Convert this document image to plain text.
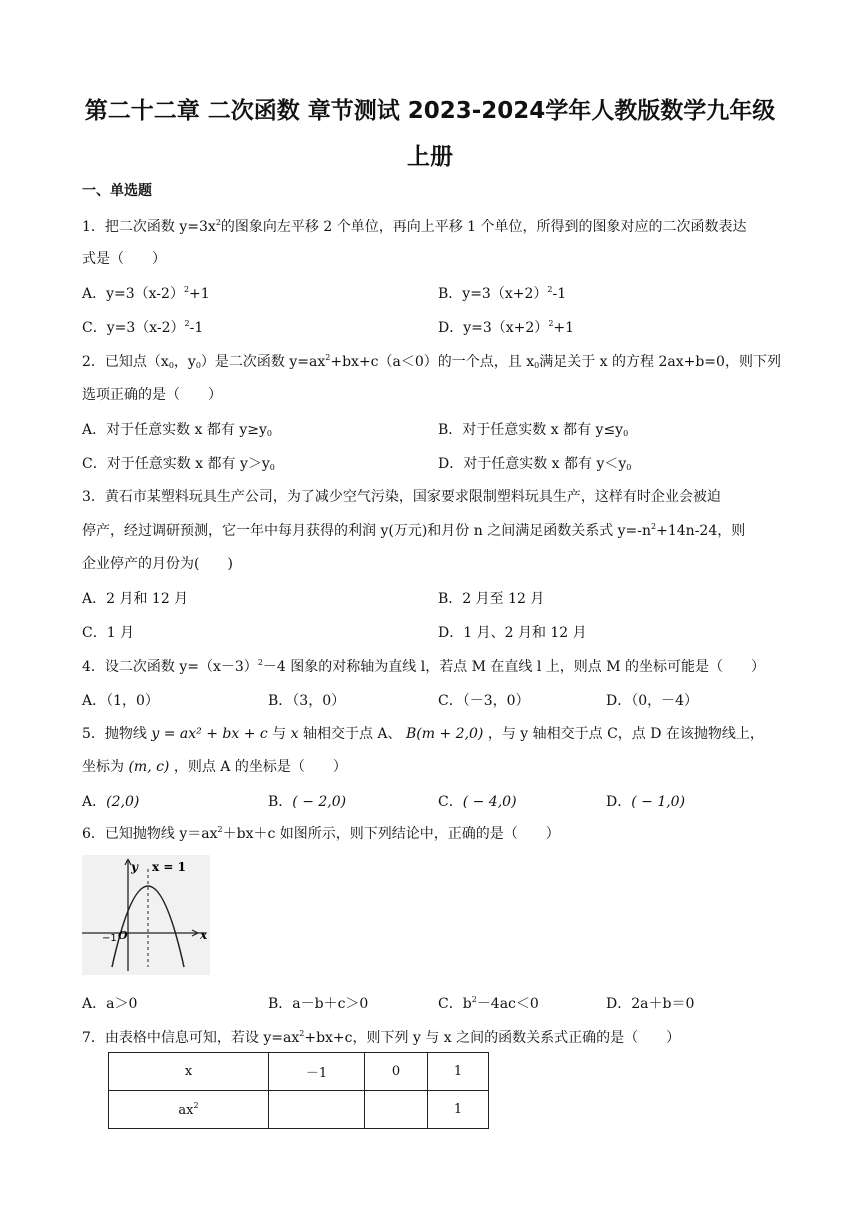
第二十二章 二次函数 章节测试 2023-2024学年人教版数学九年级
上册
一、单选题
1．把二次函数 $y=3x^2$的图象向左平移 2 个单位，再向上平移 1 个单位，所得到的图象对应的二次函数表达
式是（　　）
A．$y=3(x-2)^2+1$	B．$y=3(x+2)^2-1$
C．$y=3(x-2)^2-1$	D．$y=3(x+2)^2+1$
2．已知点（$x_0$，$y_0$）是二次函数 $y=ax^2+bx+c(a<0)$的一个点，且 $x_0$满足关于 x 的方程 2ax+b=0，则下列
选项正确的是（　　）
A．对于任意实数 x 都有 $y\ge y_0$	B．对于任意实数 x 都有 $y\le y_0$
C．对于任意实数 x 都有 $y>y_0$	D．对于任意实数 x 都有 $y<y_0$
3．黄石市某塑料玩具生产公司，为了减少空气污染，国家要求限制塑料玩具生产，这样有时企业会被迫
停产，经过调研预测，它一年中每月获得的利润 y(万元)和月份 n 之间满足函数关系式 $y=-n^2+14n-24$，则
企业停产的月份为(　　)
A．2 月和 12 月	B．2 月至 12 月
C．1 月	D．1 月、2 月和 12 月
4．设二次函数 $y=(x-3)^2-4$ 图象的对称轴为直线 l，若点 M 在直线 l 上，则点 M 的坐标可能是（　　）
A．（1，0）	B．（3，0）	C．（－3，0）	D．（0，－4）
5．抛物线 y = ax² + bx + c 与 x 轴相交于点 A、 B(m + 2,0) ，与 y 轴相交于点 C，点 D 在该抛物线上，
坐标为 (m, c) ，则点 A 的坐标是（　　）
A．(2,0)	B．( − 2,0)	C．( − 4,0)	D．( − 1,0)
6．已知抛物线 $y=ax^2+bx+c$ 如图所示，则下列结论中，正确的是（　　）
y x = 1
x
−1 O
A．a＞0	B．a－b＋c＞0	C．$b^2-4ac<0$	D．2a＋b＝0
7．由表格中信息可知，若设 $y=ax^2+bx+c$，则下列 y 与 x 之间的函数关系式正确的是（　　）
x	－1	0	1
$ax^2$			1
